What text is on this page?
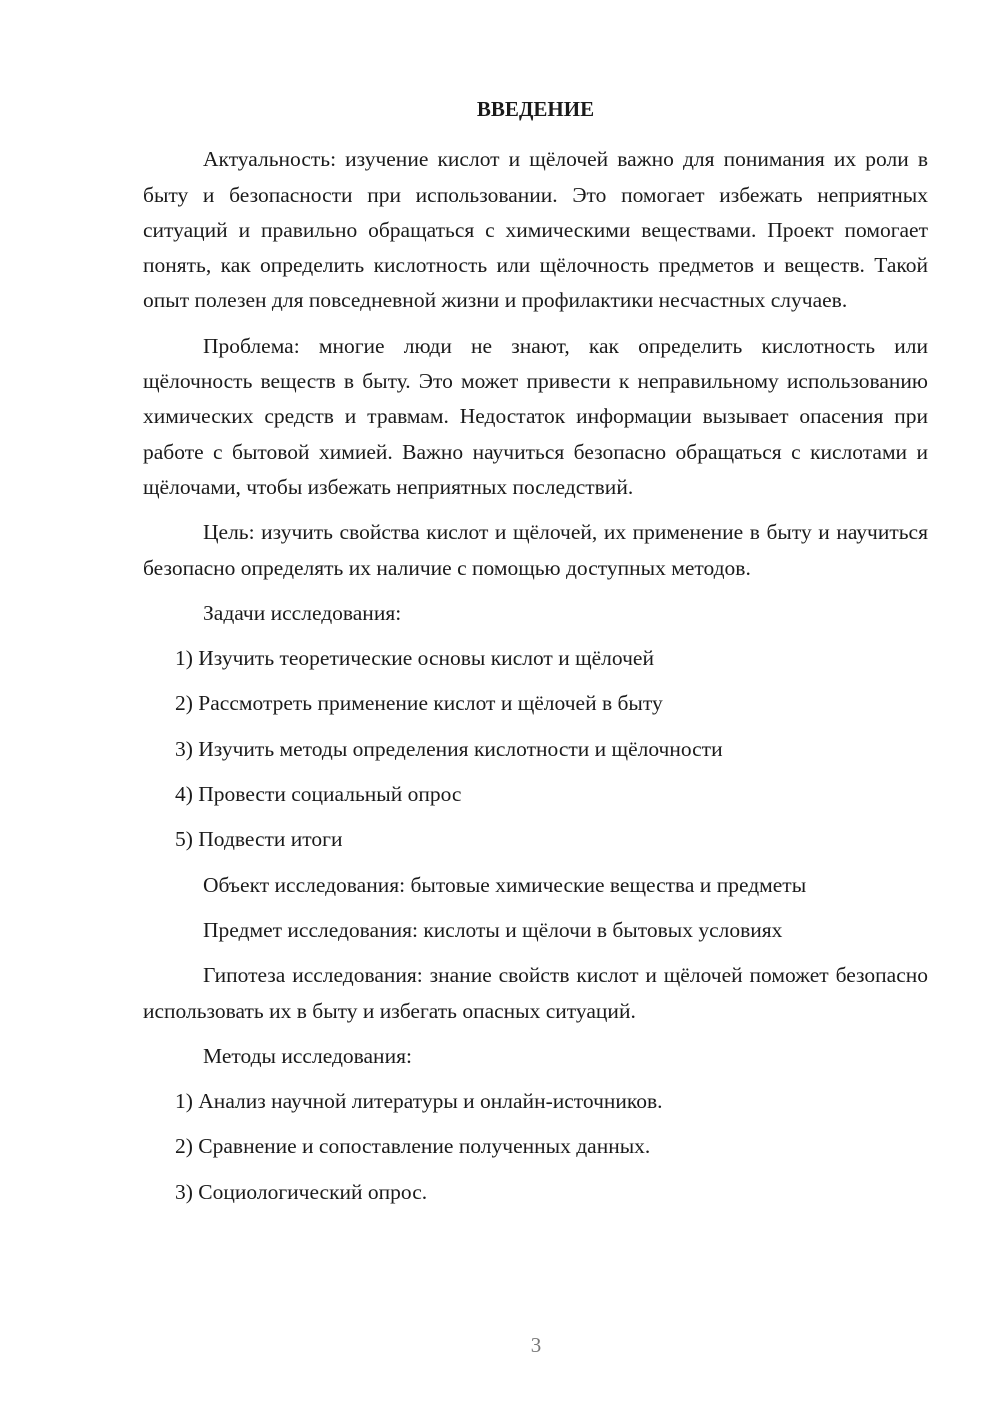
ВВЕДЕНИЕ

Актуальность: изучение кислот и щёлочей важно для понимания их роли в быту и безопасности при использовании. Это помогает избежать неприятных ситуаций и правильно обращаться с химическими веществами. Проект помогает понять, как определить кислотность или щёлочность предметов и веществ. Такой опыт полезен для повседневной жизни и профилактики несчастных случаев.

Проблема: многие люди не знают, как определить кислотность или щёлочность веществ в быту. Это может привести к неправильному использованию химических средств и травмам. Недостаток информации вызывает опасения при работе с бытовой химией. Важно научиться безопасно обращаться с кислотами и щёлочами, чтобы избежать неприятных последствий.

Цель: изучить свойства кислот и щёлочей, их применение в быту и научиться безопасно определять их наличие с помощью доступных методов.

Задачи исследования:

1) Изучить теоретические основы кислот и щёлочей

2) Рассмотреть применение кислот и щёлочей в быту

3) Изучить методы определения кислотности и щёлочности

4) Провести социальный опрос

5) Подвести итоги

Объект исследования: бытовые химические вещества и предметы

Предмет исследования: кислоты и щёлочи в бытовых условиях

Гипотеза исследования: знание свойств кислот и щёлочей поможет безопасно использовать их в быту и избегать опасных ситуаций.

Методы исследования:

1) Анализ научной литературы и онлайн-источников.

2) Сравнение и сопоставление полученных данных.

3) Социологический опрос.

3
